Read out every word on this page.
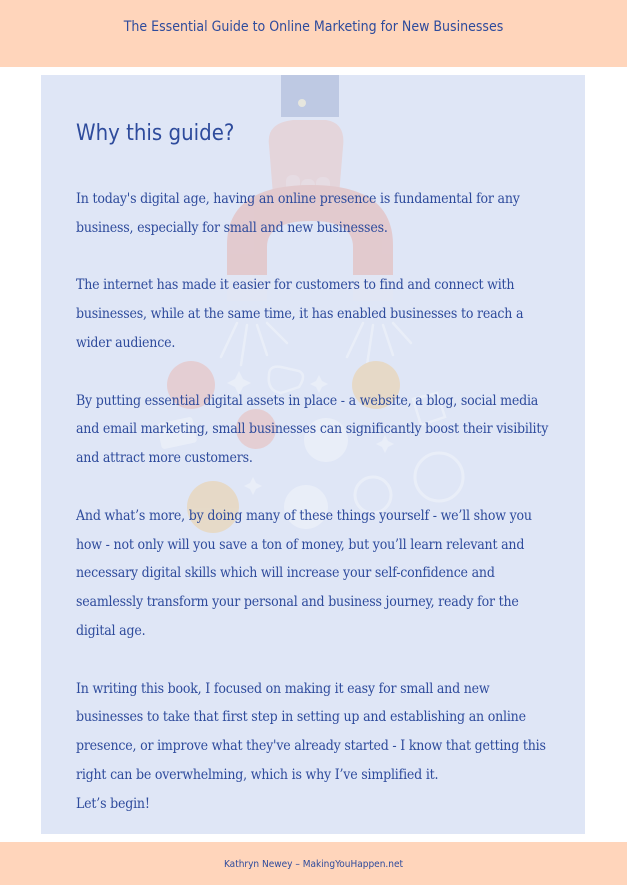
The Essential Guide to Online Marketing for New Businesses
Why this guide?

In today's digital age, having an online presence is fundamental for any business, especially for small and new businesses.

The internet has made it easier for customers to find and connect with businesses, while at the same time, it has enabled businesses to reach a wider audience.

By putting essential digital assets in place - a website, a blog, social media and email marketing, small businesses can significantly boost their visibility and attract more customers.

And what’s more, by doing many of these things yourself - we’ll show you how - not only will you save a ton of money, but you’ll learn relevant and necessary digital skills which will increase your self-confidence and seamlessly transform your personal and business journey, ready for the digital age.

In writing this book, I focused on making it easy for small and new businesses to take that first step in setting up and establishing an online presence, or improve what they've already started - I know that getting this right can be overwhelming, which is why I’ve simplified it.

Let’s begin!

Kathryn Newey – MakingYouHappen.net
